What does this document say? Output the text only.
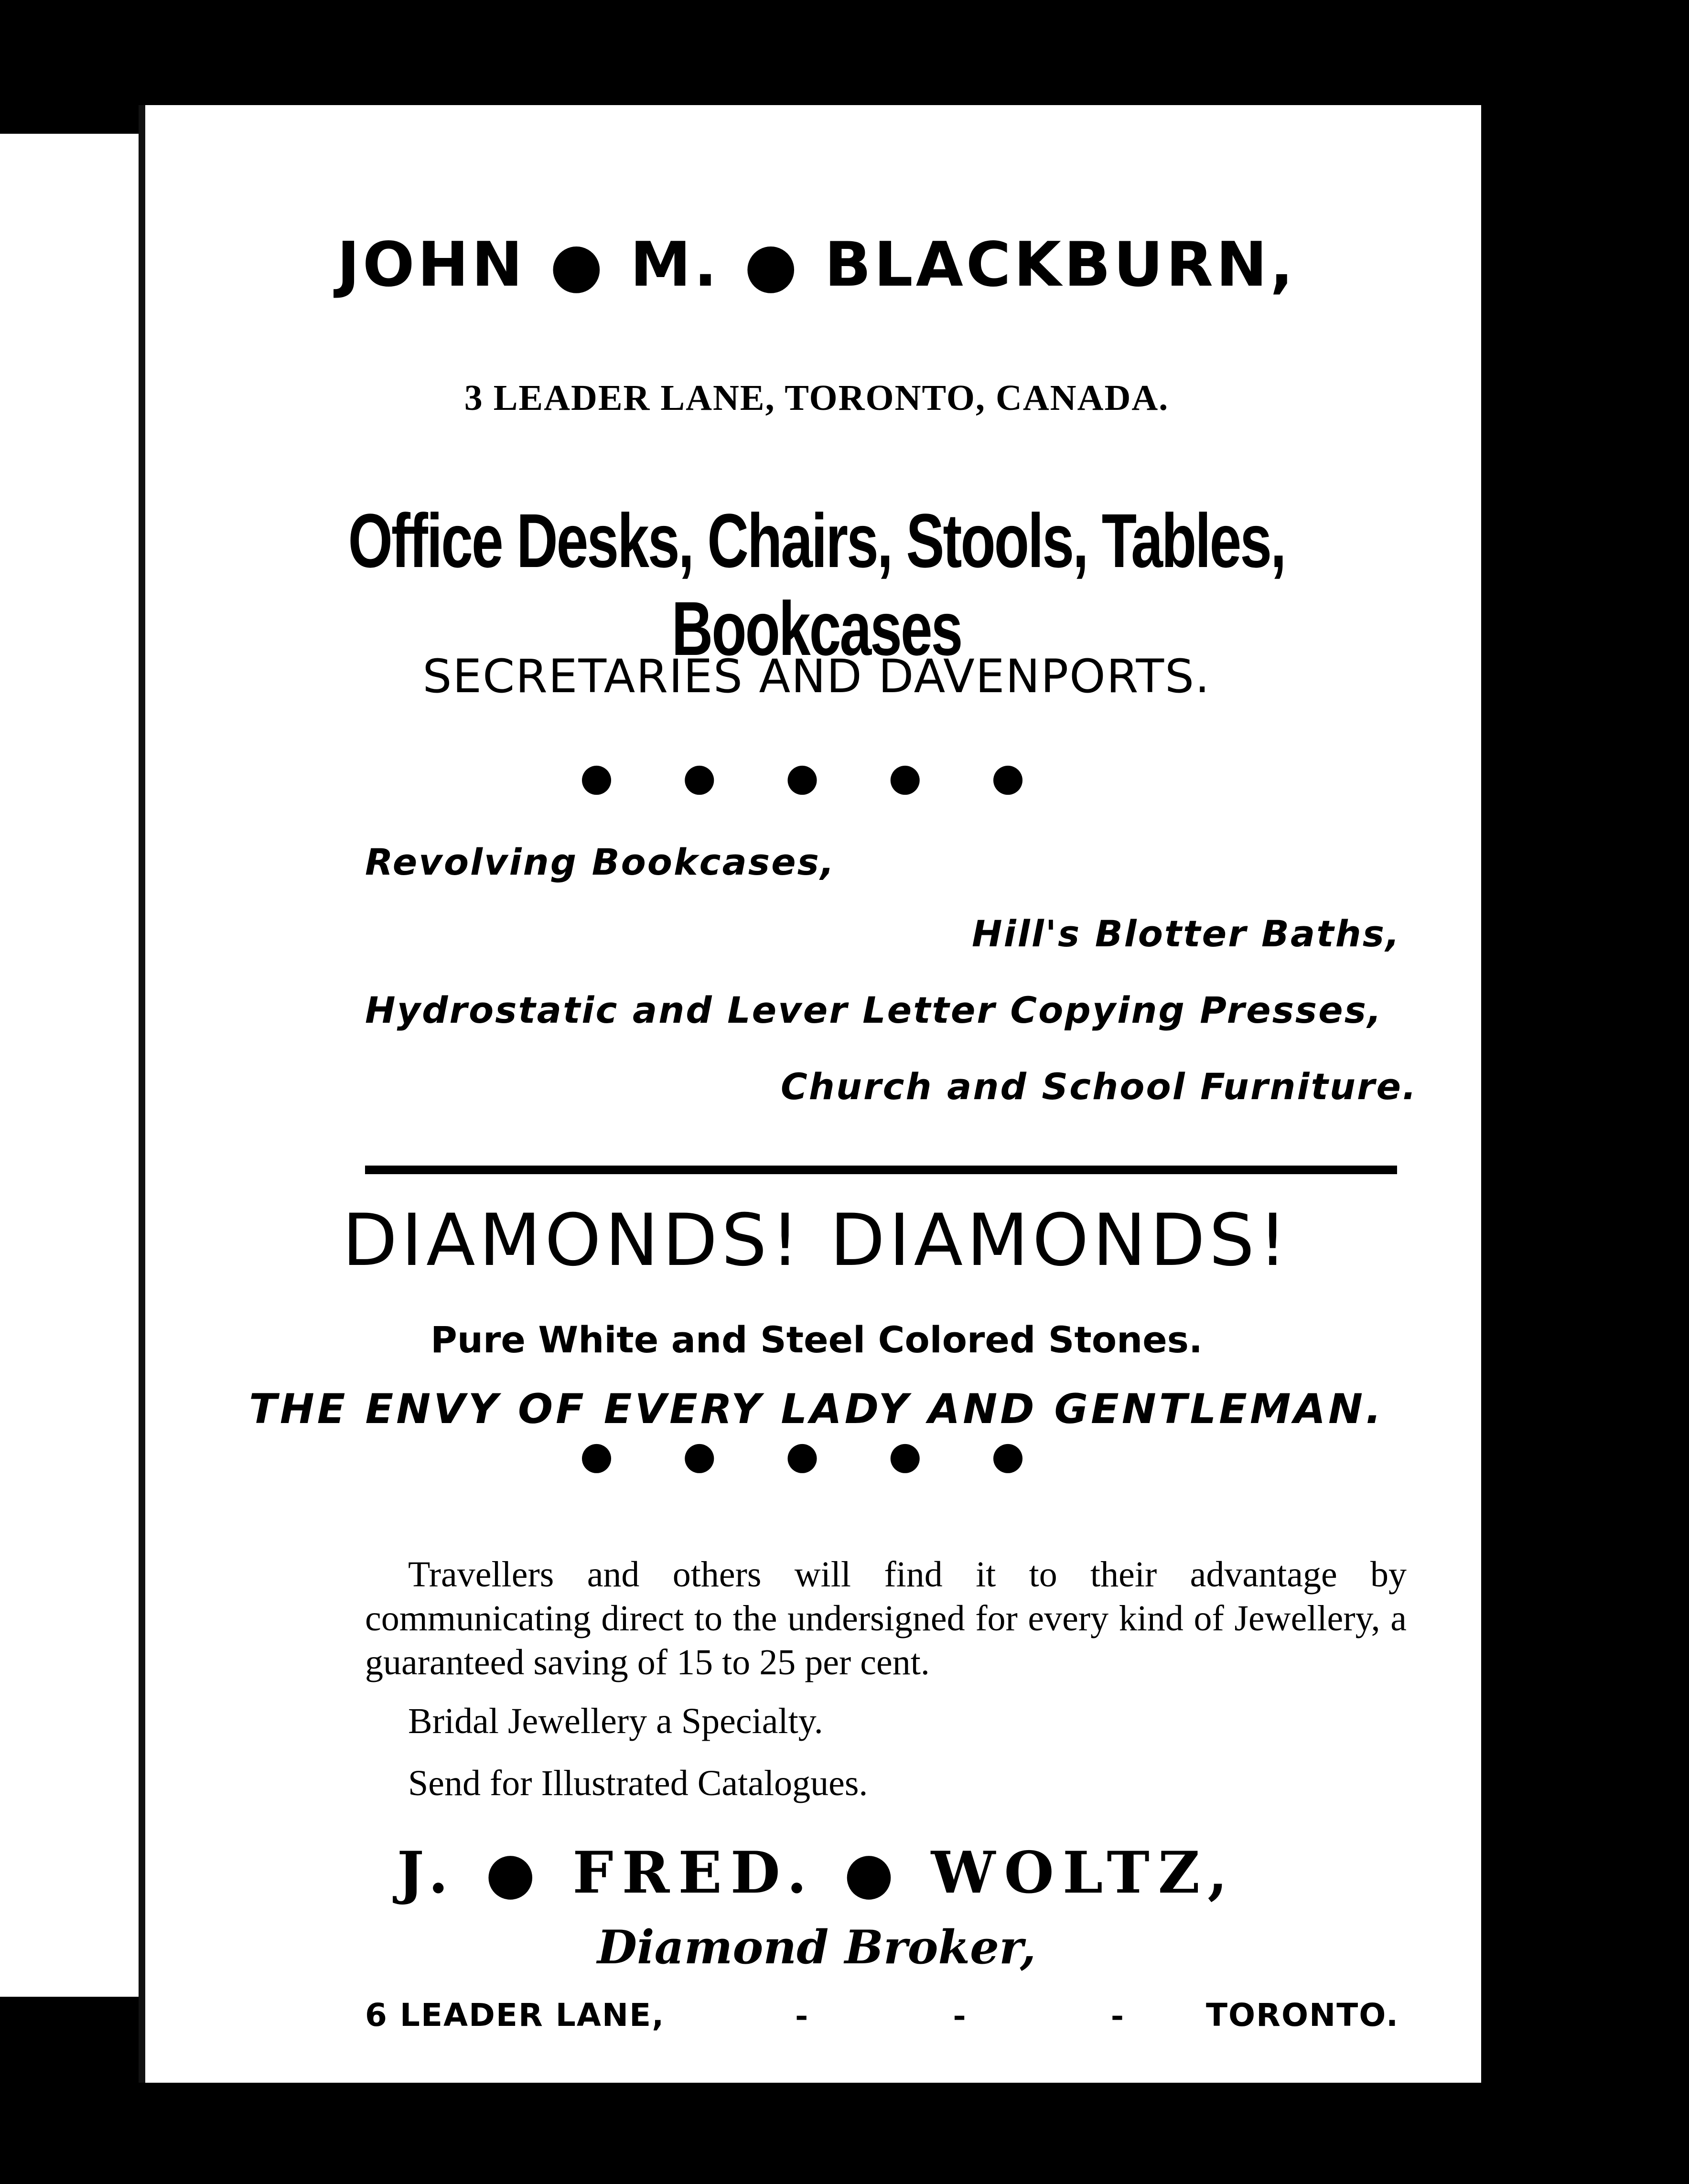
JOHN ● M. ● BLACKBURN,
3 LEADER LANE, TORONTO, CANADA.
Office Desks, Chairs, Stools, Tables, Bookcases
SECRETARIES AND DAVENPORTS.
● ● ● ● ●
Revolving Bookcases,
Hill's Blotter Baths,
Hydrostatic and Lever Letter Copying Presses,
Church and School Furniture.
DIAMONDS! DIAMONDS!
Pure White and Steel Colored Stones.
THE ENVY OF EVERY LADY AND GENTLEMAN.
● ● ● ● ●
Travellers and others will find it to their advantage by communicating direct to the undersigned for every kind of Jewellery, a guaranteed saving of 15 to 25 per cent.
Bridal Jewellery a Specialty.
Send for Illustrated Catalogues.
J. ● FRED. ● WOLTZ,
Diamond Broker,
6 LEADER LANE,	- - - TORONTO.
